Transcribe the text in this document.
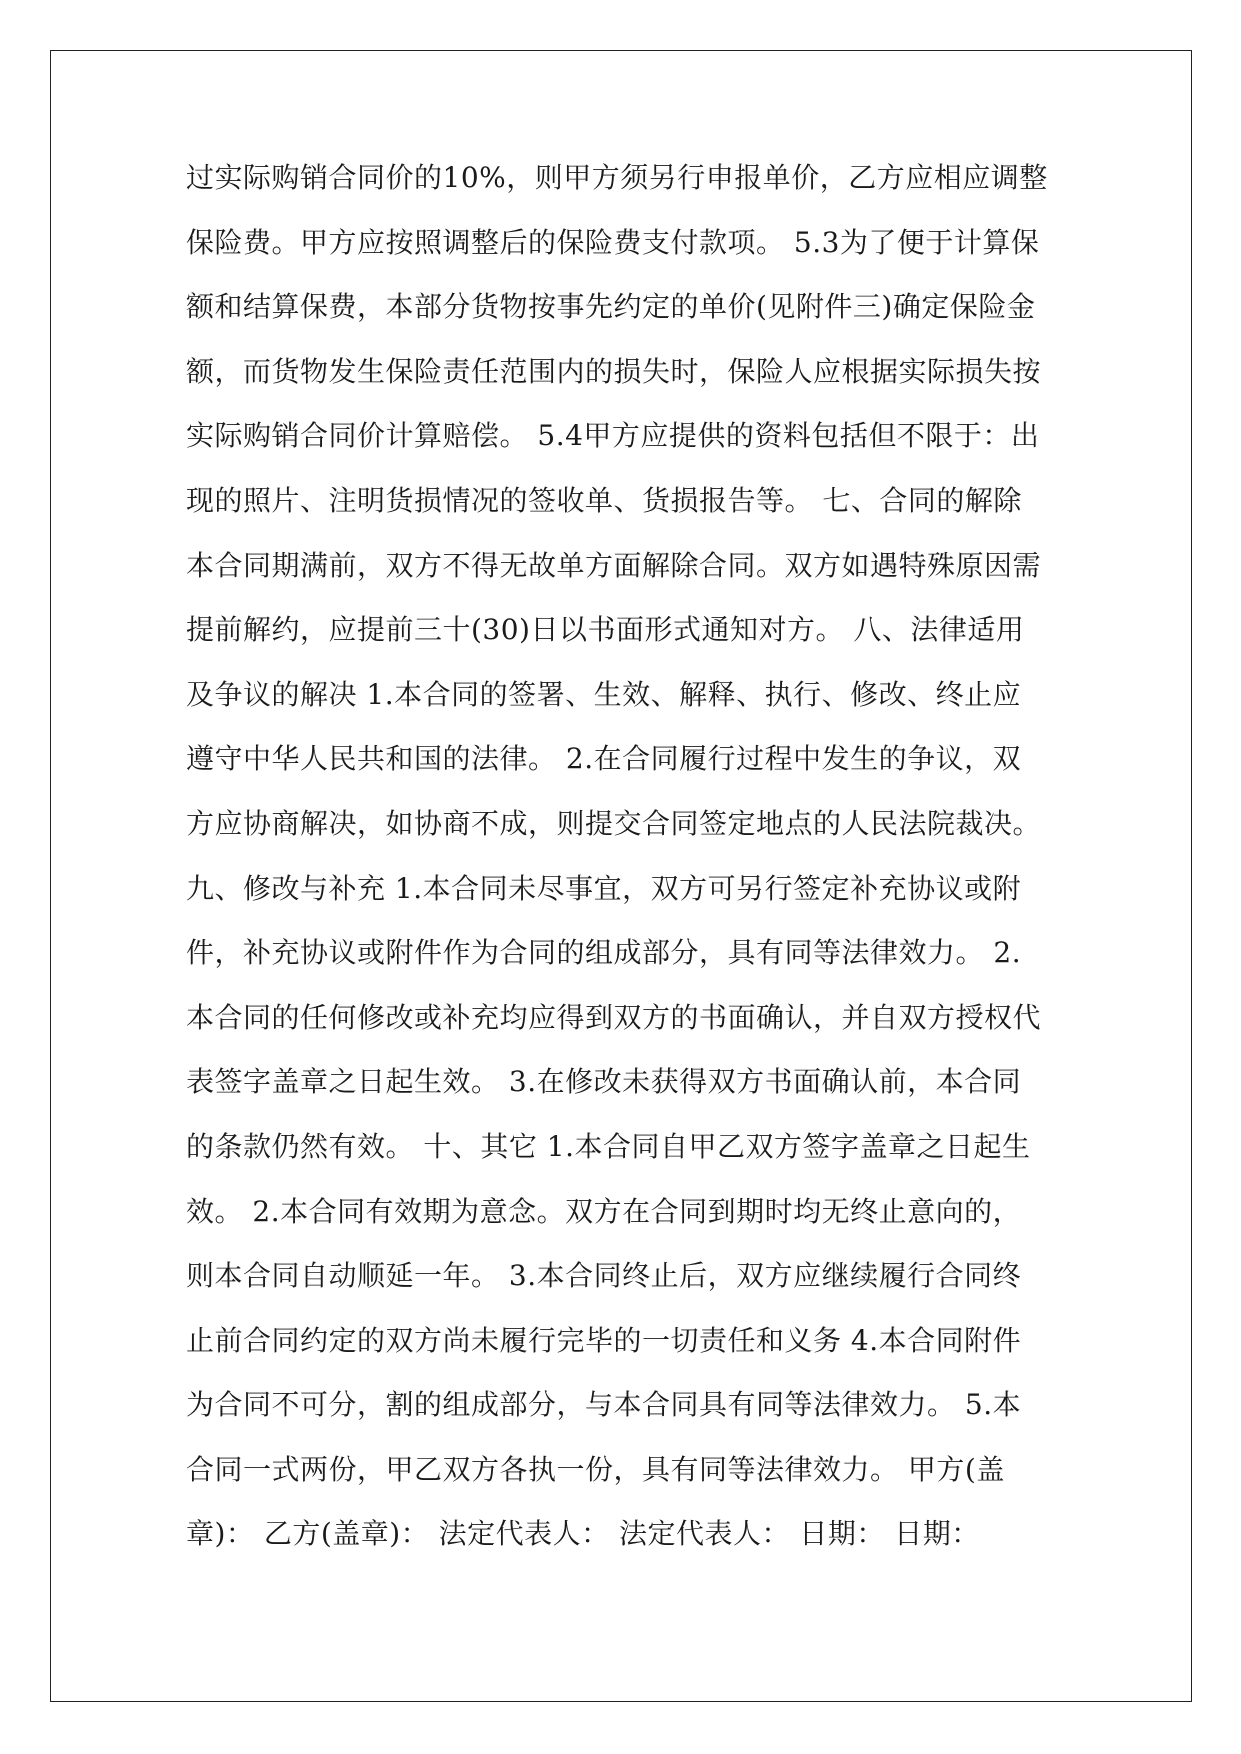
过实际购销合同价的10%，则甲方须另行申报单价，乙方应相应调整
保险费。甲方应按照调整后的保险费支付款项。 5.3为了便于计算保
额和结算保费，本部分货物按事先约定的单价(见附件三)确定保险金
额，而货物发生保险责任范围内的损失时，保险人应根据实际损失按
实际购销合同价计算赔偿。 5.4甲方应提供的资料包括但不限于：出
现的照片、注明货损情况的签收单、货损报告等。 七、合同的解除
本合同期满前，双方不得无故单方面解除合同。双方如遇特殊原因需
提前解约，应提前三十(30)日以书面形式通知对方。 八、法律适用
及争议的解决 1.本合同的签署、生效、解释、执行、修改、终止应
遵守中华人民共和国的法律。 2.在合同履行过程中发生的争议，双
方应协商解决，如协商不成，则提交合同签定地点的人民法院裁决。
九、修改与补充 1.本合同未尽事宜，双方可另行签定补充协议或附
件，补充协议或附件作为合同的组成部分，具有同等法律效力。 2.
本合同的任何修改或补充均应得到双方的书面确认，并自双方授权代
表签字盖章之日起生效。 3.在修改未获得双方书面确认前，本合同
的条款仍然有效。 十、其它 1.本合同自甲乙双方签字盖章之日起生
效。 2.本合同有效期为意念。双方在合同到期时均无终止意向的，
则本合同自动顺延一年。 3.本合同终止后，双方应继续履行合同终
止前合同约定的双方尚未履行完毕的一切责任和义务 4.本合同附件
为合同不可分，割的组成部分，与本合同具有同等法律效力。 5.本
合同一式两份，甲乙双方各执一份，具有同等法律效力。 甲方(盖
章)： 乙方(盖章)： 法定代表人： 法定代表人： 日期： 日期：
